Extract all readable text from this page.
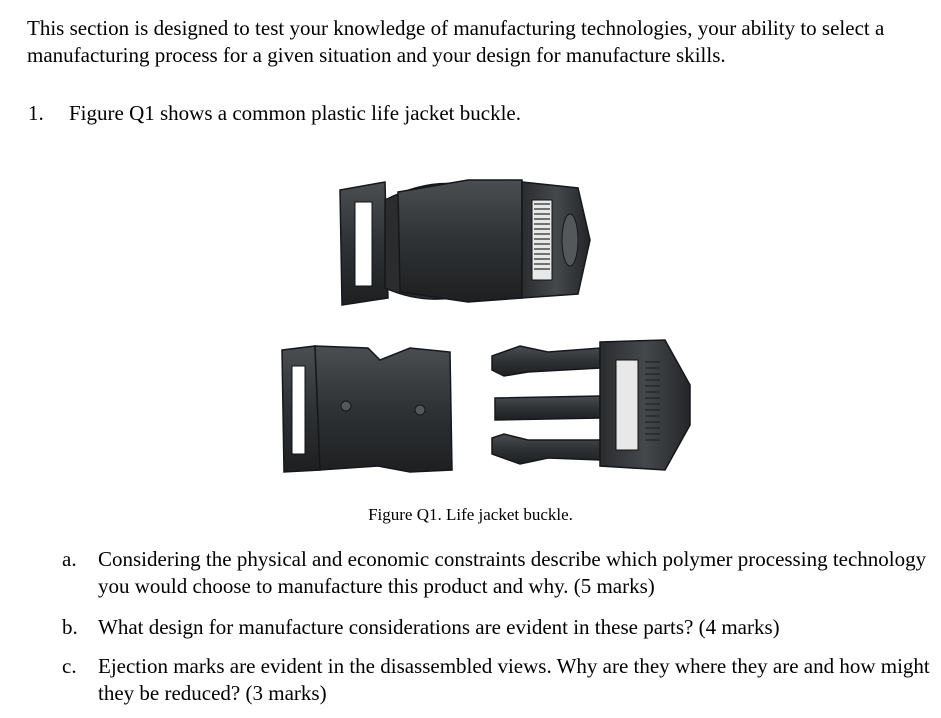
This section is designed to test your knowledge of manufacturing technologies, your ability to select a manufacturing process for a given situation and your design for manufacture skills.

1. Figure Q1 shows a common plastic life jacket buckle.

Figure Q1. Life jacket buckle.

a. Considering the physical and economic constraints describe which polymer processing technology you would choose to manufacture this product and why. (5 marks)
b. What design for manufacture considerations are evident in these parts? (4 marks)
c. Ejection marks are evident in the disassembled views. Why are they where they are and how might they be reduced? (3 marks)
